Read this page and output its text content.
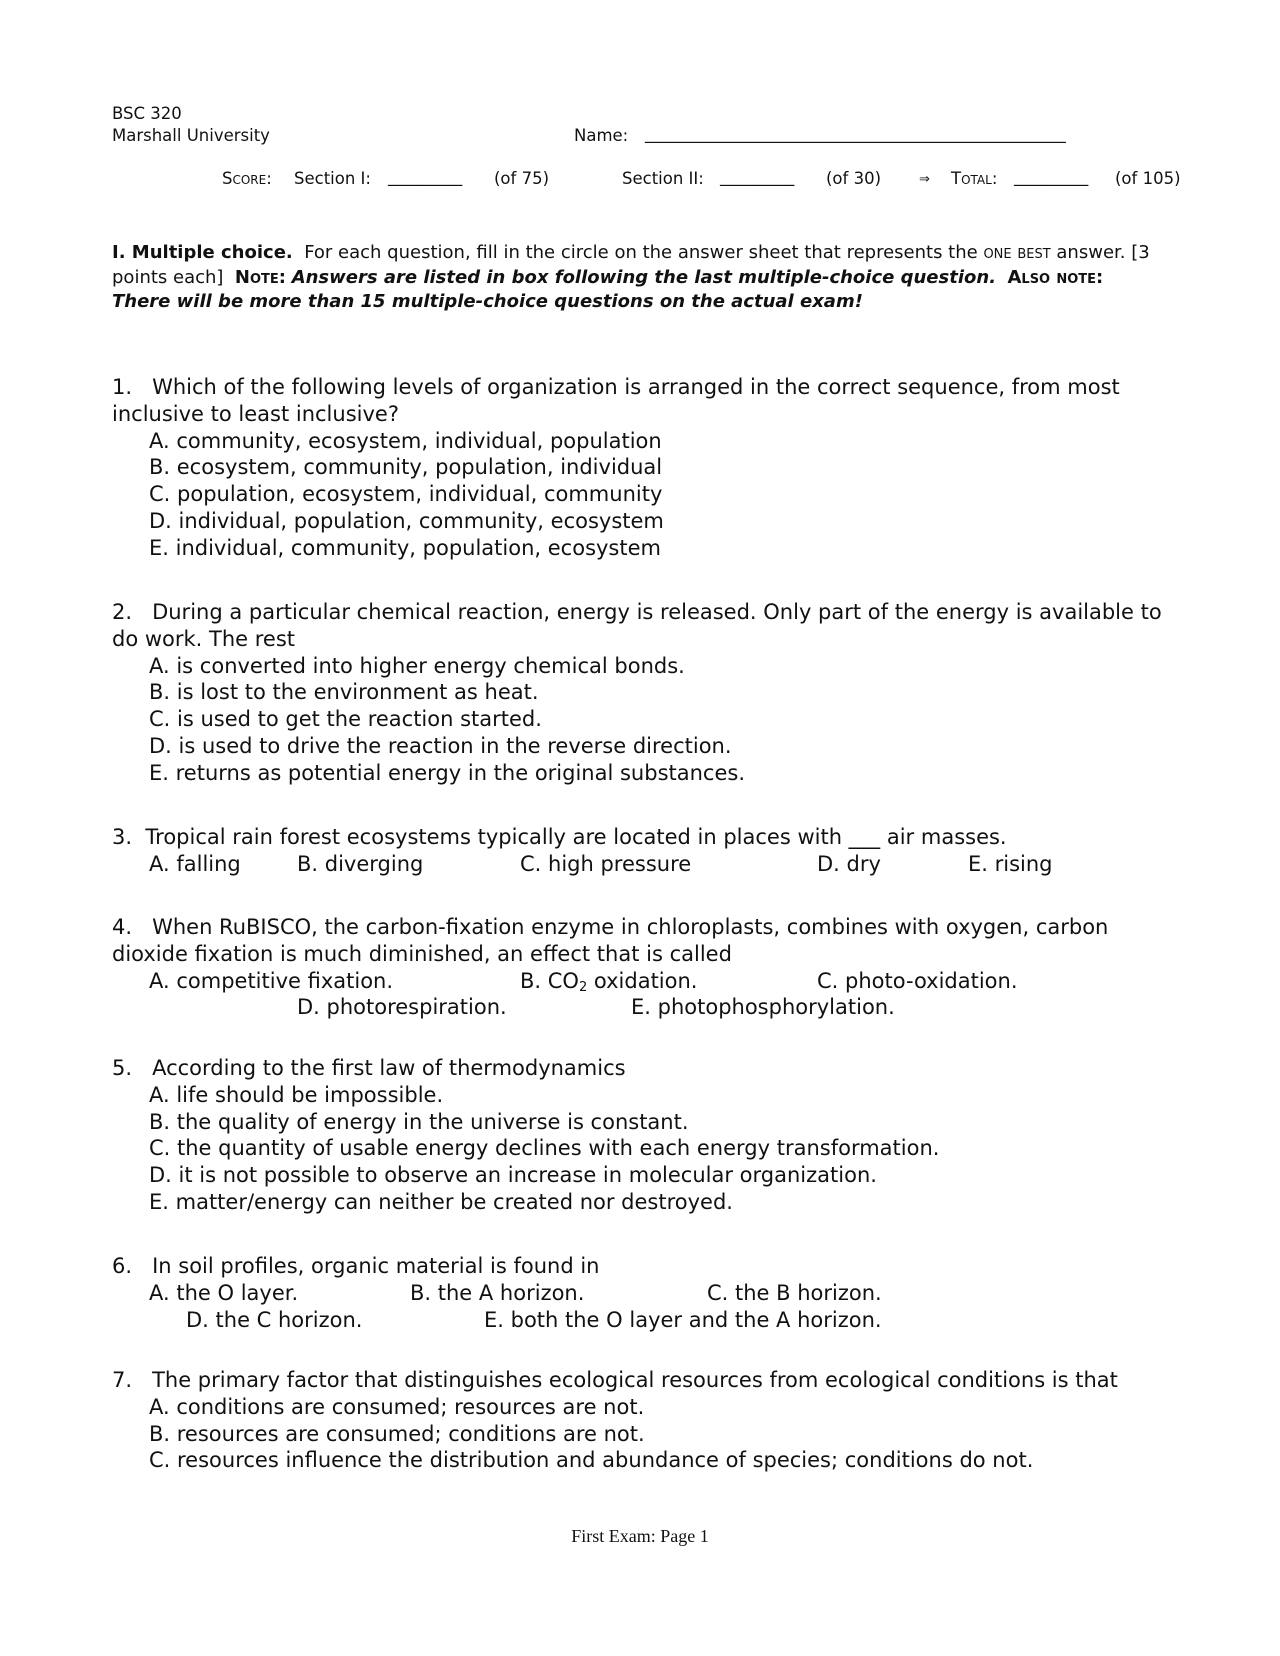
BSC 320
Marshall University	Name: ___________________________________________________
Score: Section I: _________ (of 75)	Section II: _________ (of 30)	⇒ Total: _________ (of 105)
I. Multiple choice. For each question, fill in the circle on the answer sheet that represents the one best answer. [3 points each] Note: Answers are listed in box following the last multiple-choice question. Also note: There will be more than 15 multiple-choice questions on the actual exam!

1. Which of the following levels of organization is arranged in the correct sequence, from most inclusive to least inclusive?

A. community, ecosystem, individual, population
B. ecosystem, community, population, individual
C. population, ecosystem, individual, community
D. individual, population, community, ecosystem
E. individual, community, population, ecosystem

2. During a particular chemical reaction, energy is released. Only part of the energy is available to do work. The rest

A. is converted into higher energy chemical bonds.
B. is lost to the environment as heat.
C. is used to get the reaction started.
D. is used to drive the reaction in the reverse direction.
E. returns as potential energy in the original substances.

3. Tropical rain forest ecosystems typically are located in places with ___ air masses.

A. falling	B. diverging	C. high pressure	D. dry	E. rising

4. When RuBISCO, the carbon-fixation enzyme in chloroplasts, combines with oxygen, carbon dioxide fixation is much diminished, an effect that is called

A. competitive fixation.	B. $CO_2$ oxidation.	C. photo-oxidation.
D. photorespiration.	E. photophosphorylation.

5. According to the first law of thermodynamics

A. life should be impossible.
B. the quality of energy in the universe is constant.
C. the quantity of usable energy declines with each energy transformation.
D. it is not possible to observe an increase in molecular organization.
E. matter/energy can neither be created nor destroyed.

6. In soil profiles, organic material is found in

A. the O layer.	B. the A horizon.	C. the B horizon.
D. the C horizon.	E. both the O layer and the A horizon.

7. The primary factor that distinguishes ecological resources from ecological conditions is that

A. conditions are consumed; resources are not.
B. resources are consumed; conditions are not.
C. resources influence the distribution and abundance of species; conditions do not.
First Exam: Page 1
